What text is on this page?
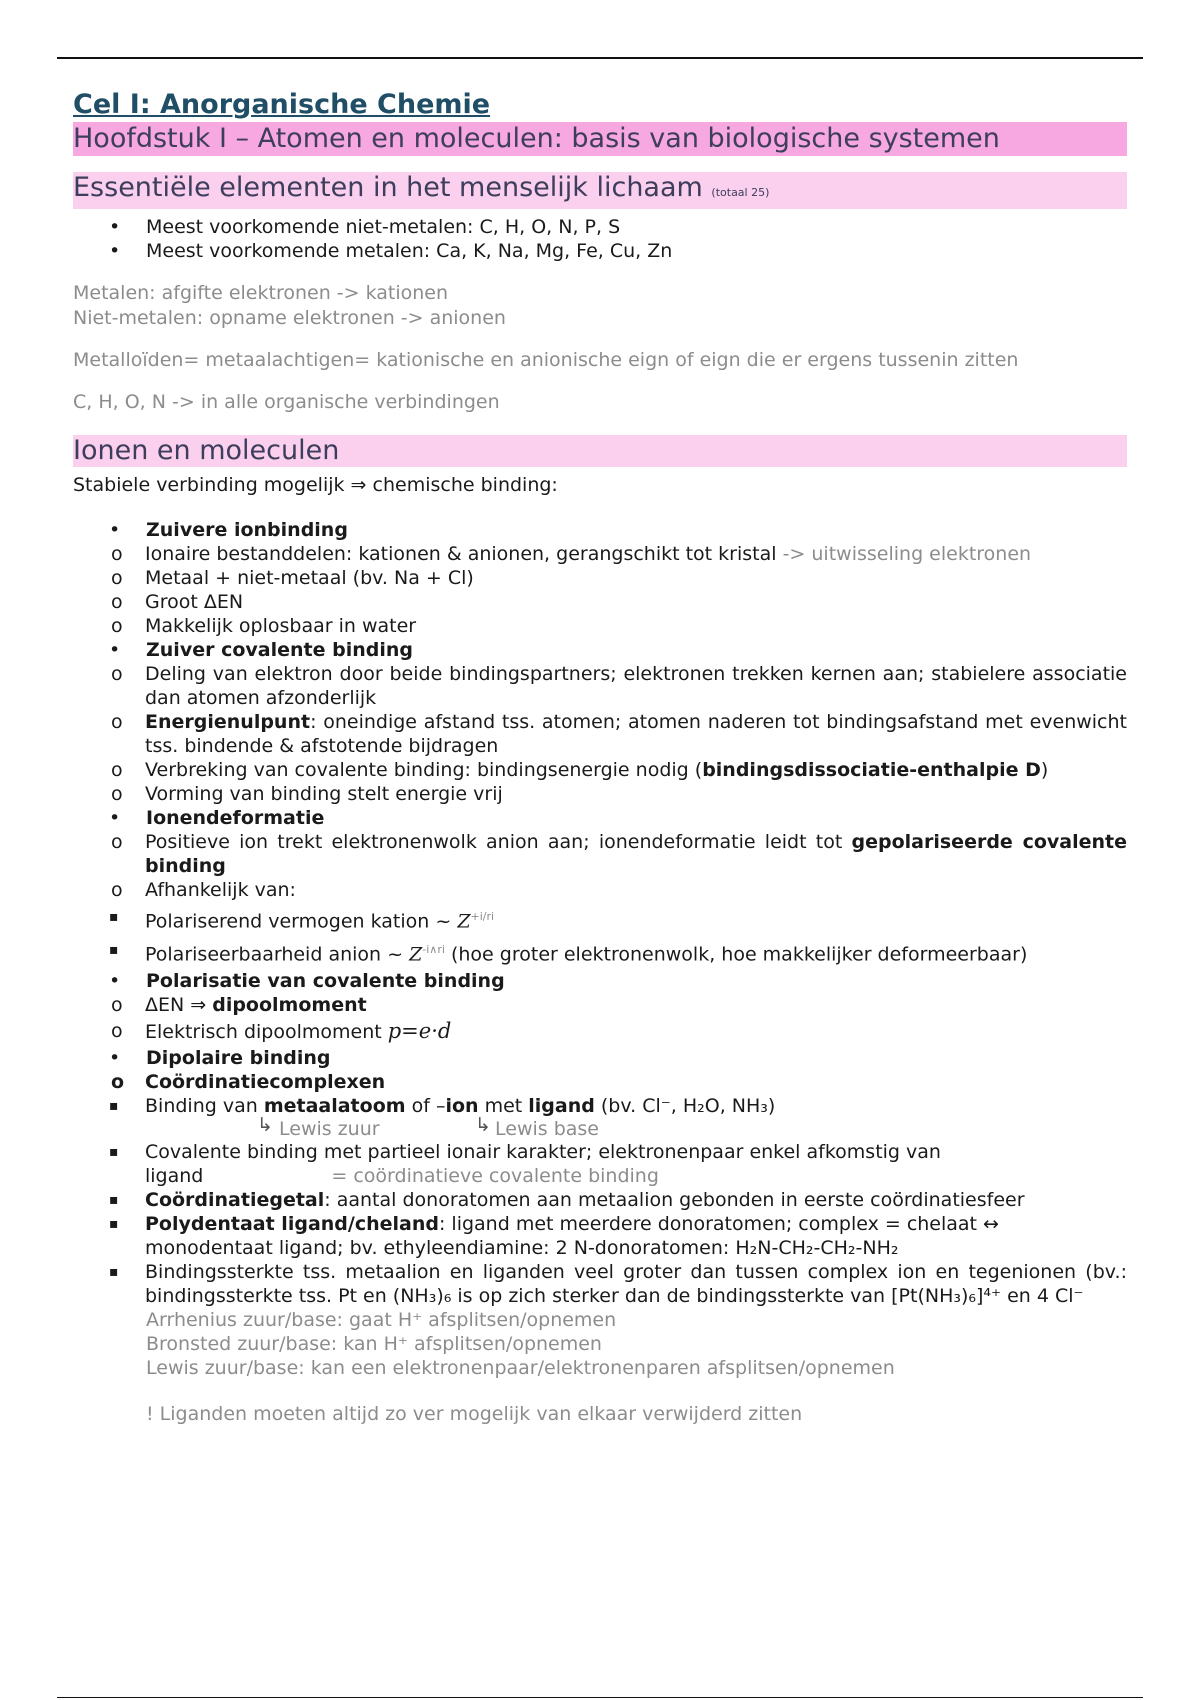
Cel I: Anorganische Chemie
Hoofdstuk I – Atomen en moleculen: basis van biologische systemen
Essentiële elementen in het menselijk lichaam (totaal 25)
• Meest voorkomende niet-metalen: C, H, O, N, P, S
• Meest voorkomende metalen: Ca, K, Na, Mg, Fe, Cu, Zn

Metalen: afgifte elektronen -> kationen

Niet-metalen: opname elektronen -> anionen

Metalloïden= metaalachtigen= kationische en anionische eign of eign die er ergens tussenin zitten

C, H, O, N -> in alle organische verbindingen

Ionen en moleculen

Stabiele verbinding mogelijk ⇒ chemische binding:

• Zuivere ionbinding
o Ionaire bestanddelen: kationen & anionen, gerangschikt tot kristal -> uitwisseling elektronen
o Metaal + niet-metaal (bv. Na + Cl)
o Groot ΔEN
o Makkelijk oplosbaar in water
• Zuiver covalente binding
o Deling van elektron door beide bindingspartners; elektronen trekken kernen aan; stabielere associatie dan atomen afzonderlijk
o Energienulpunt: oneindige afstand tss. atomen; atomen naderen tot bindingsafstand met evenwicht tss. bindende & afstotende bijdragen
o Verbreking van covalente binding: bindingsenergie nodig (bindingsdissociatie-enthalpie D)
o Vorming van binding stelt energie vrij
• Ionendeformatie
o Positieve ion trekt elektronenwolk anion aan; ionendeformatie leidt tot gepolariseerde covalente binding
o Afhankelijk van:
▪ Polariserend vermogen kation ~ $Z^{+i/ri}$
▪ Polariseerbaarheid anion ~ $Z^{-i\wedge ri}$ (hoe groter elektronenwolk, hoe makkelijker deformeerbaar)
• Polarisatie van covalente binding
o ΔEN ⇒ dipoolmoment
o Elektrisch dipoolmoment p=e·d
• Dipolaire binding
o Coördinatiecomplexen
▪ Binding van metaalatoom of –ion met ligand (bv. Cl⁻, H₂O, NH₃)
↳ Lewis zuur	↳ Lewis base
▪ Covalente binding met partieel ionair karakter; elektronenpaar enkel afkomstig van ligand	= coördinatieve covalente binding
▪ Coördinatiegetal: aantal donoratomen aan metaalion gebonden in eerste coördinatiesfeer
▪ Polydentaat ligand/cheland: ligand met meerdere donoratomen; complex = chelaat ↔ monodentaat ligand; bv. ethyleendiamine: 2 N-donoratomen: H₂N-CH₂-CH₂-NH₂
▪ Bindingssterkte tss. metaalion en liganden veel groter dan tussen complex ion en tegenionen (bv.: bindingssterkte tss. Pt en (NH₃)₆ is op zich sterker dan de bindingssterkte van [Pt(NH₃)₆]⁴⁺ en 4 Cl⁻
Arrhenius zuur/base: gaat H⁺ afsplitsen/opnemen
Bronsted zuur/base: kan H⁺ afsplitsen/opnemen
Lewis zuur/base: kan een elektronenpaar/elektronenparen afsplitsen/opnemen
! Liganden moeten altijd zo ver mogelijk van elkaar verwijderd zitten
